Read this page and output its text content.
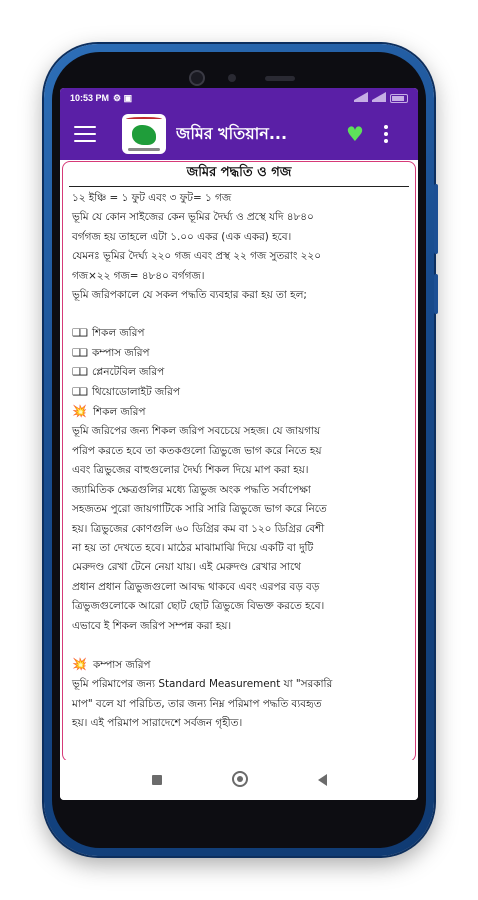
10:53 PM ⚙ ▣
জমির খতিয়ান...	♥
জমির পদ্ধতি ও গজ

১২ ইঞ্চি = ১ ফুট এবং ৩ ফুট= ১ গজ

ভূমি যে কোন সাইজের কেন ভূমির দৈর্ঘ্য ও প্রস্থে যদি ৪৮৪০

বর্গগজ হয় তাহলে এটা ১.০০ একর (এক একর) হবে।

যেমনঃ ভূমির দৈর্ঘ্য ২২০ গজ এবং প্রস্থ ২২ গজ সুতরাং ২২০

গজ×২২ গজ= ৪৮৪০ বর্গগজ।

ভূমি জরিপকালে যে সকল পদ্ধতি ব্যবহার করা হয় তা হল;

❑❑ শিকল জরিপ

❑❑ কম্পাস জরিপ

❑❑ প্লেনটেবিল জরিপ

❑❑ থিয়োডোলাইট জরিপ

💥 শিকল জরিপ

ভূমি জরিপের জন্য শিকল জরিপ সবচেয়ে সহজ। যে জায়গায়

পরিপ করতে হবে তা কতকগুলো ত্রিভুজে ভাগ করে নিতে হয়

এবং ত্রিভুজের বাহুগুলোর দৈর্ঘ্য শিকল দিয়ে মাপ করা হয়।

জ্যামিতিক ক্ষেত্রগুলির মধ্যে ত্রিভুজ অংক পদ্ধতি সর্বাপেক্ষা

সহজতম পুরো জায়গাটিকে সারি সারি ত্রিভুজে ভাগ করে নিতে

হয়। ত্রিভুজের কোণগুলি ৬০ ডিগ্রির কম বা ১২০ ডিগ্রির বেশী

না হয় তা দেখতে হবে। মাঠের মাঝামাঝি দিয়ে একটি বা দুটি

মেরুদণ্ড রেখা টেনে নেয়া যায়। এই মেরুদণ্ড রেখার সাথে

প্রধান প্রধান ত্রিভুজগুলো আবদ্ধ থাকবে এবং এরপর বড় বড়

ত্রিভুজগুলোকে আরো ছোট ছোট ত্রিভুজে বিভক্ত করতে হবে।

এভাবে ই শিকল জরিপ সম্পন্ন করা হয়।

💥 কম্পাস জরিপ

ভূমি পরিমাপের জন্য Standard Measurement যা "সরকারি

মাপ" বলে যা পরিচিত, তার জন্য নিম্ন পরিমাপ পদ্ধতি ব্যবহৃত

হয়। এই পরিমাপ সারাদেশে সর্বজন গৃহীত।
